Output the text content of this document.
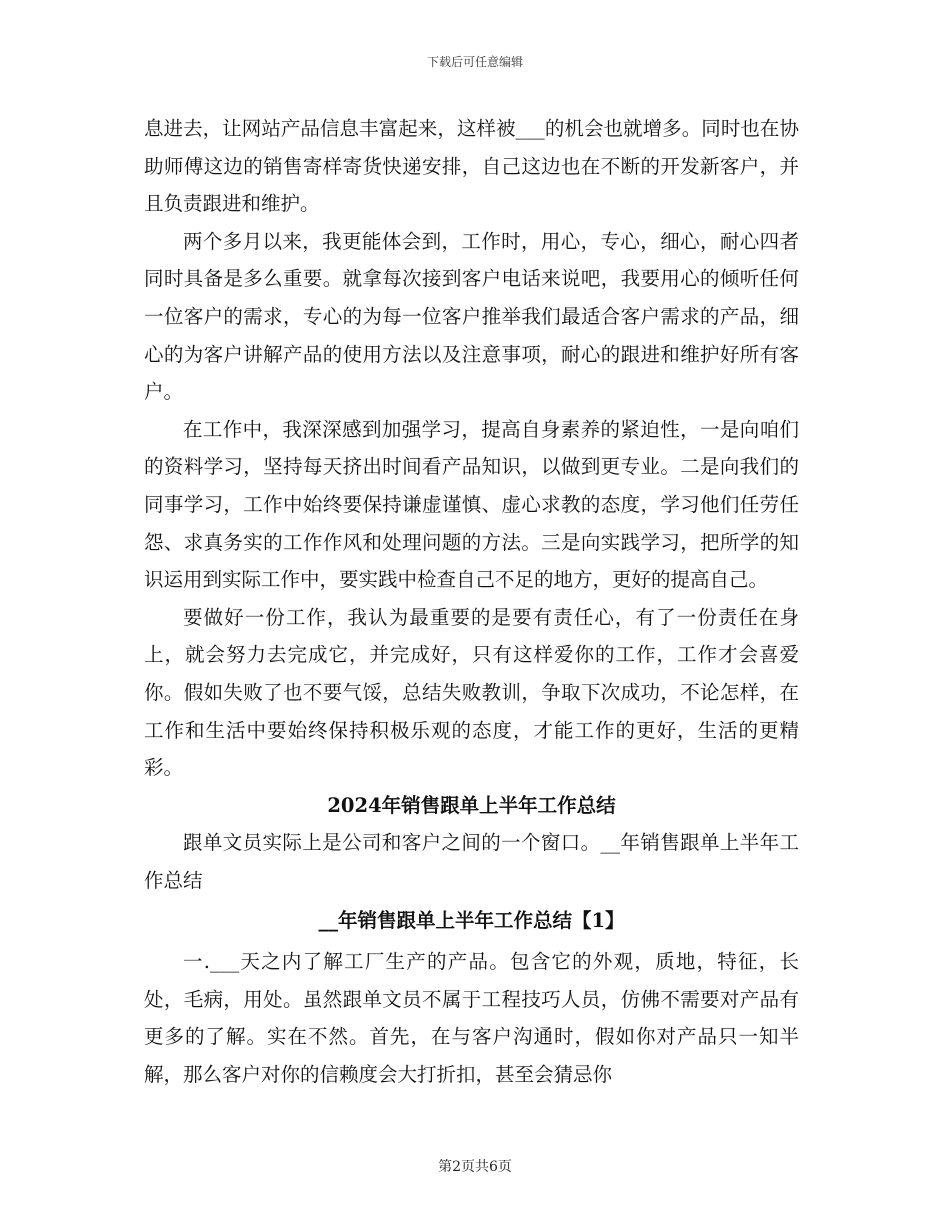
下载后可任意编辑

息进去，让网站产品信息丰富起来，这样被___的机会也就增多。同时也在协助师傅这边的销售寄样寄货快递安排，自己这边也在不断的开发新客户，并且负责跟进和维护。

两个多月以来，我更能体会到，工作时，用心，专心，细心，耐心四者同时具备是多么重要。就拿每次接到客户电话来说吧，我要用心的倾听任何一位客户的需求，专心的为每一位客户推举我们最适合客户需求的产品，细心的为客户讲解产品的使用方法以及注意事项，耐心的跟进和维护好所有客户。

在工作中，我深深感到加强学习，提高自身素养的紧迫性，一是向咱们的资料学习，坚持每天挤出时间看产品知识，以做到更专业。二是向我们的同事学习，工作中始终要保持谦虚谨慎、虚心求教的态度，学习他们任劳任怨、求真务实的工作作风和处理问题的方法。三是向实践学习，把所学的知识运用到实际工作中，要实践中检查自己不足的地方，更好的提高自己。

要做好一份工作，我认为最重要的是要有责任心，有了一份责任在身上，就会努力去完成它，并完成好，只有这样爱你的工作，工作才会喜爱你。假如失败了也不要气馁，总结失败教训，争取下次成功，不论怎样，在工作和生活中要始终保持积极乐观的态度，才能工作的更好，生活的更精彩。

2024年销售跟单上半年工作总结

跟单文员实际上是公司和客户之间的一个窗口。__年销售跟单上半年工作总结

__年销售跟单上半年工作总结【1】

一.___天之内了解工厂生产的产品。包含它的外观，质地，特征，长处，毛病，用处。虽然跟单文员不属于工程技巧人员，仿佛不需要对产品有更多的了解。实在不然。首先，在与客户沟通时，假如你对产品只一知半解，那么客户对你的信赖度会大打折扣，甚至会猜忌你

第2页共6页
